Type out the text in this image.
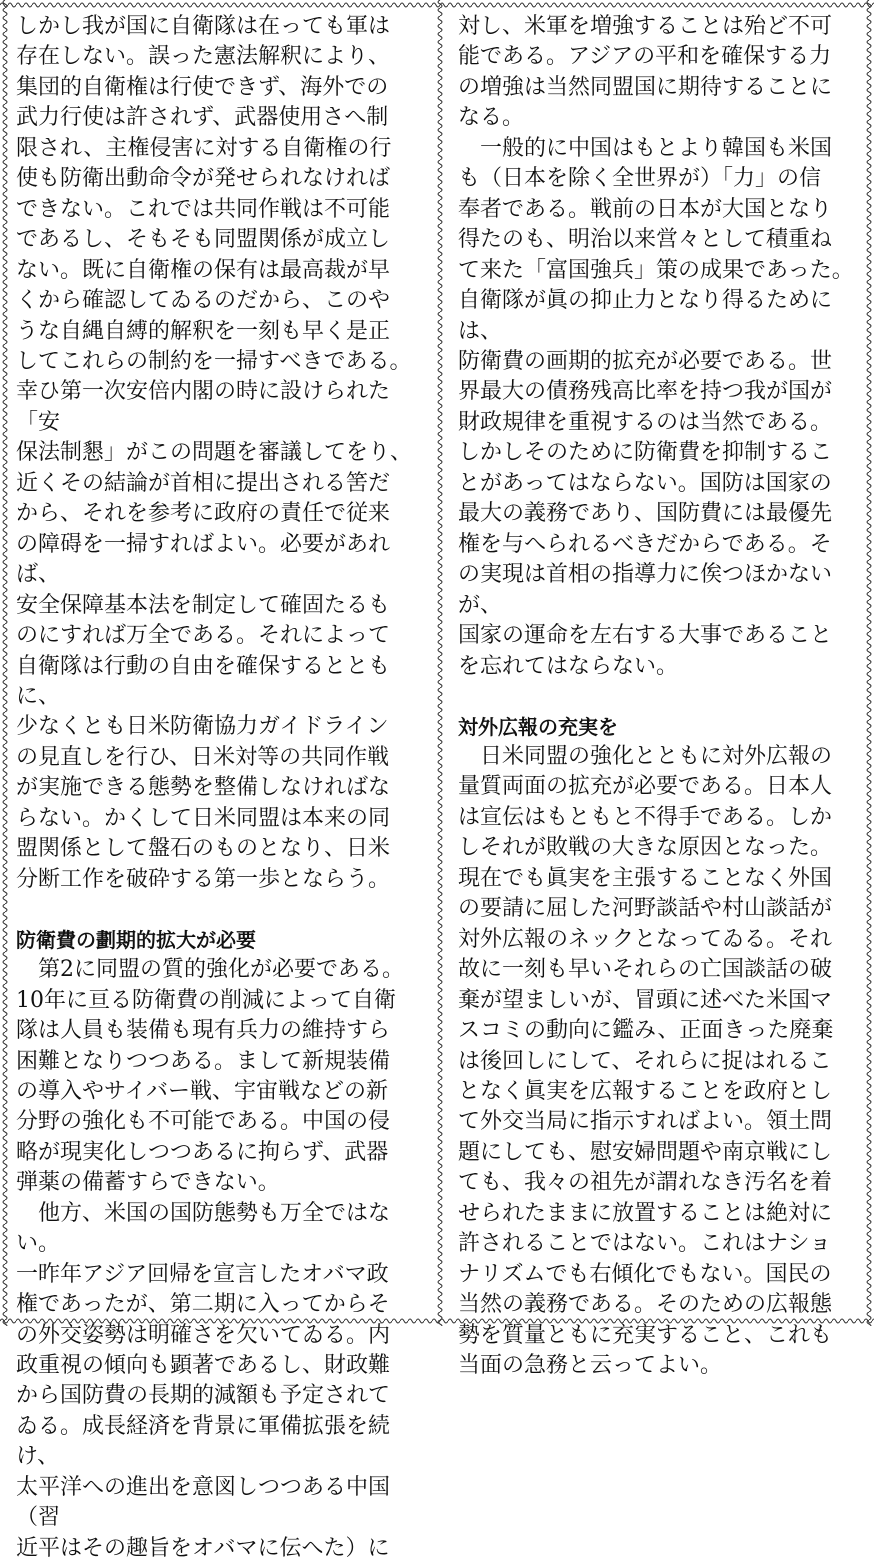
しかし我が国に自衛隊は在っても軍は
存在しない。誤った憲法解釈により、
集団的自衛権は行使できず、海外での
武力行使は許されず、武器使用さへ制
限され、主権侵害に対する自衛権の行
使も防衛出動命令が発せられなければ
できない。これでは共同作戦は不可能
であるし、そもそも同盟関係が成立し
ない。既に自衛権の保有は最高裁が早
くから確認してゐるのだから、このや
うな自縄自縛的解釈を一刻も早く是正
してこれらの制約を一掃すべきである。
幸ひ第一次安倍内閣の時に設けられた「安
保法制懇」がこの問題を審議してをり、
近くその結論が首相に提出される筈だ
から、それを参考に政府の責任で従来
の障碍を一掃すればよい。必要があれば、
安全保障基本法を制定して確固たるも
のにすれば万全である。それによって
自衛隊は行動の自由を確保するとともに、
少なくとも日米防衛協力ガイドライン
の見直しを行ひ、日米対等の共同作戦
が実施できる態勢を整備しなければな
らない。かくして日米同盟は本来の同
盟関係として盤石のものとなり、日米
分断工作を破砕する第一歩とならう。

防衛費の劃期的拡大が必要

　第2に同盟の質的強化が必要である。
10年に亘る防衛費の削減によって自衛
隊は人員も装備も現有兵力の維持すら
困難となりつつある。まして新規装備
の導入やサイバー戦、宇宙戦などの新
分野の強化も不可能である。中国の侵
略が現実化しつつあるに拘らず、武器
弾薬の備蓄すらできない。

　他方、米国の国防態勢も万全ではない。
一昨年アジア回帰を宣言したオバマ政
権であったが、第二期に入ってからそ
の外交姿勢は明確さを欠いてゐる。内
政重視の傾向も顕著であるし、財政難
から国防費の長期的減額も予定されて
ゐる。成長経済を背景に軍備拡張を続け、
太平洋への進出を意図しつつある中国（習
近平はその趣旨をオバマに伝へた）に

対し、米軍を増強することは殆ど不可
能である。アジアの平和を確保する力
の増強は当然同盟国に期待することに
なる。

　一般的に中国はもとより韓国も米国
も（日本を除く全世界が）「力」の信
奉者である。戦前の日本が大国となり
得たのも、明治以来営々として積重ね
て来た「富国強兵」策の成果であった。
自衛隊が眞の抑止力となり得るためには、
防衛費の画期的拡充が必要である。世
界最大の債務残高比率を持つ我が国が
財政規律を重視するのは当然である。
しかしそのために防衛費を抑制するこ
とがあってはならない。国防は国家の
最大の義務であり、国防費には最優先
権を与へられるべきだからである。そ
の実現は首相の指導力に俟つほかないが、
国家の運命を左右する大事であること
を忘れてはならない。

対外広報の充実を

　日米同盟の強化とともに対外広報の
量質両面の拡充が必要である。日本人
は宣伝はもともと不得手である。しか
しそれが敗戦の大きな原因となった。
現在でも眞実を主張することなく外国
の要請に屈した河野談話や村山談話が
対外広報のネックとなってゐる。それ
故に一刻も早いそれらの亡国談話の破
棄が望ましいが、冒頭に述べた米国マ
スコミの動向に鑑み、正面きった廃棄
は後回しにして、それらに捉はれるこ
となく眞実を広報することを政府とし
て外交当局に指示すればよい。領土問
題にしても、慰安婦問題や南京戦にし
ても、我々の祖先が謂れなき汚名を着
せられたままに放置することは絶対に
許されることではない。これはナショ
ナリズムでも右傾化でもない。国民の
当然の義務である。そのための広報態
勢を質量ともに充実すること、これも
当面の急務と云ってよい。
